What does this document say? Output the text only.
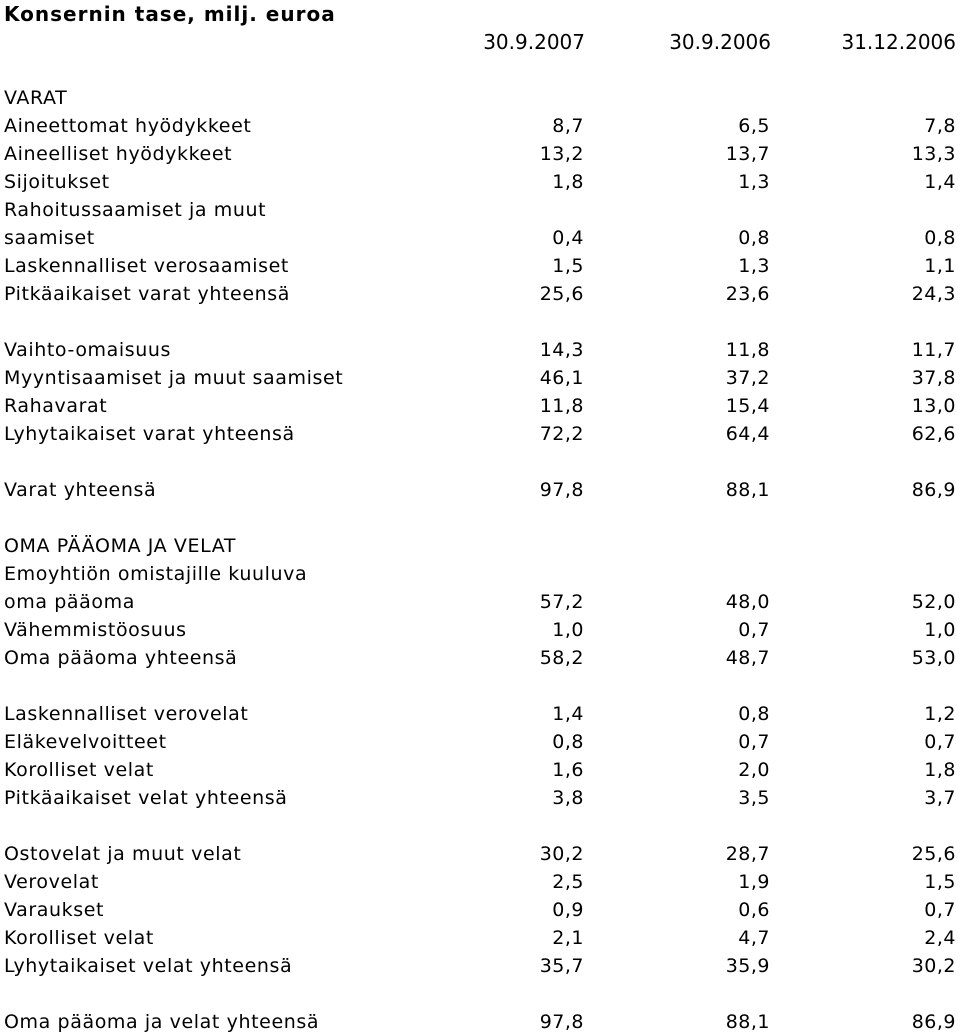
Konsernin tase, milj. euroa
30.9.2007	30.9.2006	31.12.2006
VARAT
Aineettomat hyödykkeet	8,7	6,5	7,8
Aineelliset hyödykkeet	13,2	13,7	13,3
Sijoitukset	1,8	1,3	1,4
Rahoitussaamiset ja muut
saamiset	0,4	0,8	0,8
Laskennalliset verosaamiset	1,5	1,3	1,1
Pitkäaikaiset varat yhteensä	25,6	23,6	24,3
Vaihto-omaisuus	14,3	11,8	11,7
Myyntisaamiset ja muut saamiset	46,1	37,2	37,8
Rahavarat	11,8	15,4	13,0
Lyhytaikaiset varat yhteensä	72,2	64,4	62,6
Varat yhteensä	97,8	88,1	86,9
OMA PÄÄOMA JA VELAT
Emoyhtiön omistajille kuuluva
oma pääoma	57,2	48,0	52,0
Vähemmistöosuus	1,0	0,7	1,0
Oma pääoma yhteensä	58,2	48,7	53,0
Laskennalliset verovelat	1,4	0,8	1,2
Eläkevelvoitteet	0,8	0,7	0,7
Korolliset velat	1,6	2,0	1,8
Pitkäaikaiset velat yhteensä	3,8	3,5	3,7
Ostovelat ja muut velat	30,2	28,7	25,6
Verovelat	2,5	1,9	1,5
Varaukset	0,9	0,6	0,7
Korolliset velat	2,1	4,7	2,4
Lyhytaikaiset velat yhteensä	35,7	35,9	30,2
Oma pääoma ja velat yhteensä	97,8	88,1	86,9
